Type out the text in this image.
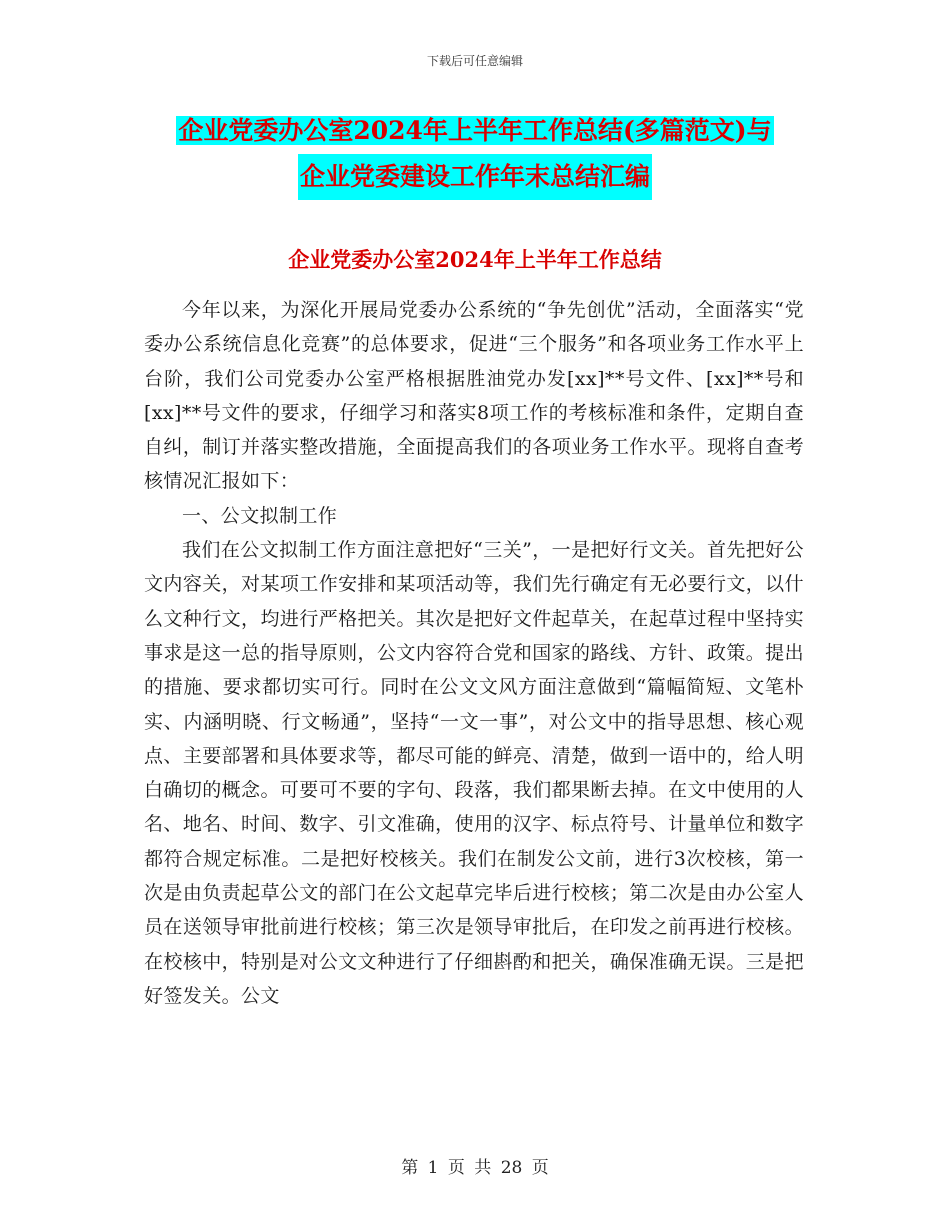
下载后可任意编辑
企业党委办公室2024年上半年工作总结(多篇范文)与
企业党委建设工作年末总结汇编
企业党委办公室2024年上半年工作总结

今年以来，为深化开展局党委办公系统的“争先创优”活动，全面落实“党委办公系统信息化竞赛”的总体要求，促进“三个服务”和各项业务工作水平上台阶，我们公司党委办公室严格根据胜油党办发[xx]**号文件、[xx]**号和[xx]**号文件的要求，仔细学习和落实8项工作的考核标准和条件，定期自查自纠，制订并落实整改措施，全面提高我们的各项业务工作水平。现将自查考核情况汇报如下：

一、公文拟制工作

我们在公文拟制工作方面注意把好“三关”，一是把好行文关。首先把好公文内容关，对某项工作安排和某项活动等，我们先行确定有无必要行文，以什么文种行文，均进行严格把关。其次是把好文件起草关，在起草过程中坚持实事求是这一总的指导原则，公文内容符合党和国家的路线、方针、政策。提出的措施、要求都切实可行。同时在公文文风方面注意做到“篇幅简短、文笔朴实、内涵明晓、行文畅通”，坚持“一文一事”，对公文中的指导思想、核心观点、主要部署和具体要求等，都尽可能的鲜亮、清楚，做到一语中的，给人明白确切的概念。可要可不要的字句、段落，我们都果断去掉。在文中使用的人名、地名、时间、数字、引文准确，使用的汉字、标点符号、计量单位和数字都符合规定标准。二是把好校核关。我们在制发公文前，进行3次校核，第一次是由负责起草公文的部门在公文起草完毕后进行校核；第二次是由办公室人员在送领导审批前进行校核；第三次是领导审批后，在印发之前再进行校核。在校核中，特别是对公文文种进行了仔细斟酌和把关，确保准确无误。三是把好签发关。公文

第 1 页 共 28 页
